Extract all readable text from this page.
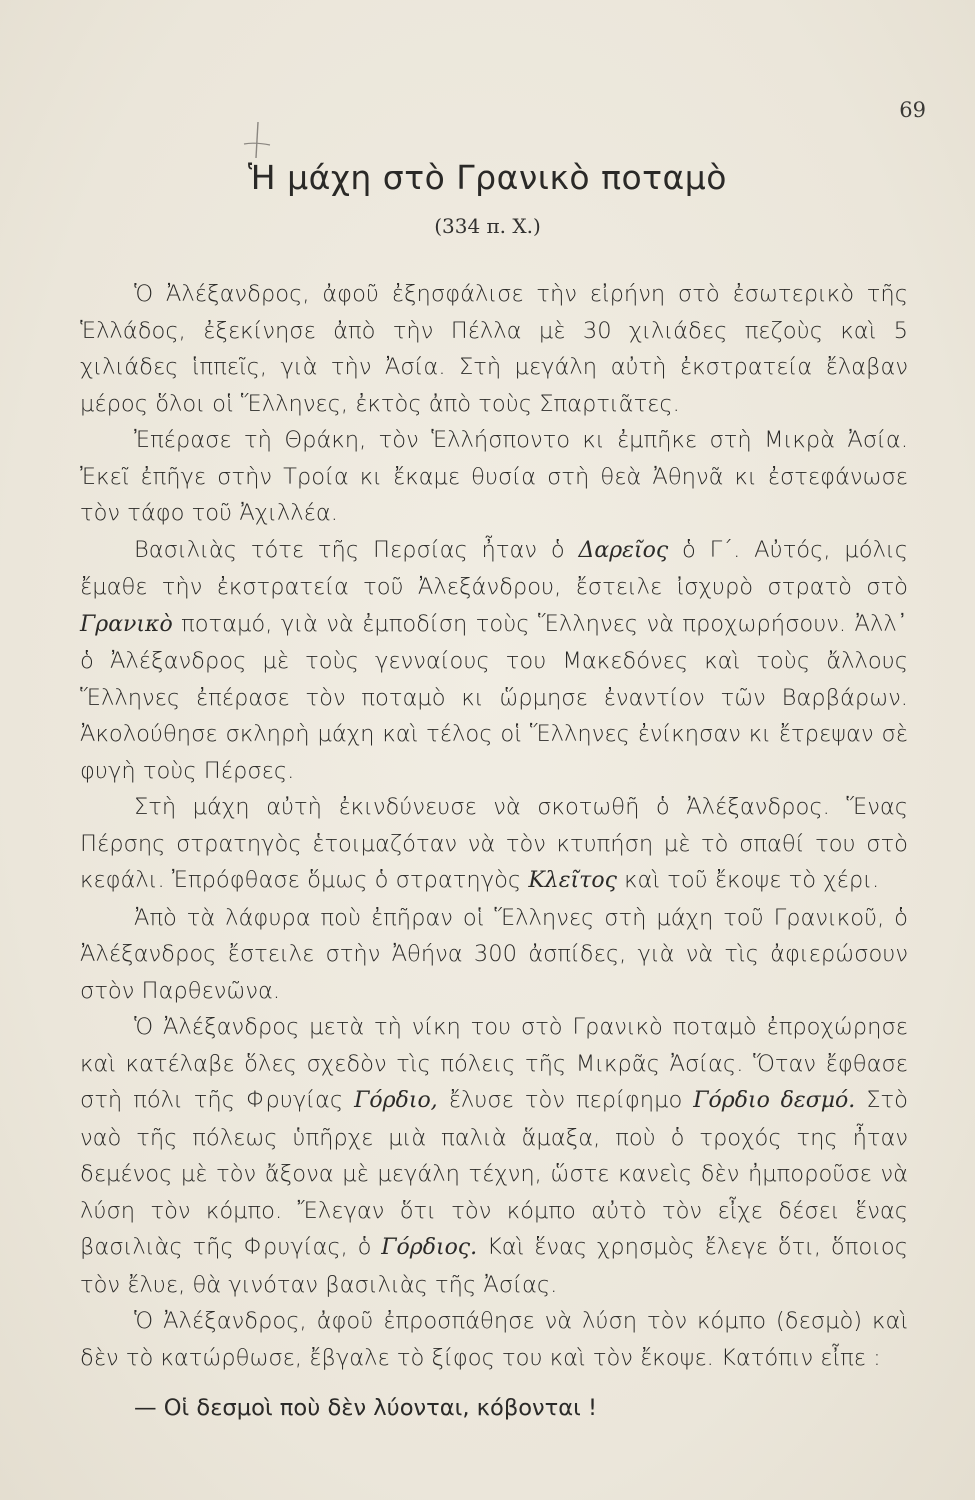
69
Ἡ μάχη στὸ Γρανικὸ ποταμὸ
(334 π. Χ.)

Ὁ Ἀλέξανδρος, ἀφοῦ ἐξησφάλισε τὴν εἰρήνη στὸ ἐσωτερικὸ τῆς Ἑλλάδος, ἐξεκίνησε ἀπὸ τὴν Πέλλα μὲ 30 χιλιάδες πεζοὺς καὶ 5 χιλιάδες ἱππεῖς, γιὰ τὴν Ἀσία. Στὴ μεγάλη αὐτὴ ἐκστρατεία ἔλαβαν μέρος ὅλοι οἱ Ἕλληνες, ἐκτὸς ἀπὸ τοὺς Σπαρτιᾶτες.

Ἐπέρασε τὴ Θράκη, τὸν Ἑλλήσποντο κι ἐμπῆκε στὴ Μικρὰ Ἀσία. Ἐκεῖ ἐπῆγε στὴν Τροία κι ἔκαμε θυσία στὴ θεὰ Ἀθηνᾶ κι ἐστεφάνωσε τὸν τάφο τοῦ Ἀχιλλέα.

Βασιλιὰς τότε τῆς Περσίας ἦταν ὁ Δαρεῖος ὁ Γ΄. Αὐτός, μόλις ἔμαθε τὴν ἐκστρατεία τοῦ Ἀλεξάνδρου, ἔστειλε ἰσχυρὸ στρατὸ στὸ Γρανικὸ ποταμό, γιὰ νὰ ἐμποδίση τοὺς Ἕλληνες νὰ προχωρήσουν. Ἀλλ᾽ ὁ Ἀλέξανδρος μὲ τοὺς γενναίους του Μακεδόνες καὶ τοὺς ἄλλους Ἕλληνες ἐπέρασε τὸν ποταμὸ κι ὥρμησε ἐναντίον τῶν Βαρβάρων. Ἀκολούθησε σκληρὴ μάχη καὶ τέλος οἱ Ἕλληνες ἐνίκησαν κι ἔτρεψαν σὲ φυγὴ τοὺς Πέρσες.

Στὴ μάχη αὐτὴ ἐκινδύνευσε νὰ σκοτωθῆ ὁ Ἀλέξανδρος. Ἕνας Πέρσης στρατηγὸς ἑτοιμαζόταν νὰ τὸν κτυπήση μὲ τὸ σπαθί του στὸ κεφάλι. Ἐπρόφθασε ὅμως ὁ στρατηγὸς Κλεῖτος καὶ τοῦ ἔκοψε τὸ χέρι.

Ἀπὸ τὰ λάφυρα ποὺ ἐπῆραν οἱ Ἕλληνες στὴ μάχη τοῦ Γρανικοῦ, ὁ Ἀλέξανδρος ἔστειλε στὴν Ἀθήνα 300 ἀσπίδες, γιὰ νὰ τὶς ἀφιερώσουν στὸν Παρθενῶνα.

Ὁ Ἀλέξανδρος μετὰ τὴ νίκη του στὸ Γρανικὸ ποταμὸ ἐπροχώρησε καὶ κατέλαβε ὅλες σχεδὸν τὶς πόλεις τῆς Μικρᾶς Ἀσίας. Ὅταν ἔφθασε στὴ πόλι τῆς Φρυγίας Γόρδιο, ἔλυσε τὸν περίφημο Γόρδιο δεσμό. Στὸ ναὸ τῆς πόλεως ὑπῆρχε μιὰ παλιὰ ἅμαξα, ποὺ ὁ τροχός της ἦταν δεμένος μὲ τὸν ἄξονα μὲ μεγάλη τέχνη, ὥστε κανεὶς δὲν ἠμποροῦσε νὰ λύση τὸν κόμπο. Ἔλεγαν ὅτι τὸν κόμπο αὐτὸ τὸν εἶχε δέσει ἕνας βασιλιὰς τῆς Φρυγίας, ὁ Γόρδιος. Καὶ ἕνας χρησμὸς ἔλεγε ὅτι, ὅποιος τὸν ἔλυε, θὰ γινόταν βασιλιὰς τῆς Ἀσίας.

Ὁ Ἀλέξανδρος, ἀφοῦ ἐπροσπάθησε νὰ λύση τὸν κόμπο (δεσμὸ) καὶ δὲν τὸ κατώρθωσε, ἔβγαλε τὸ ξίφος του καὶ τὸν ἔκοψε. Κατόπιν εἶπε :

— Οἱ δεσμοὶ ποὺ δὲν λύονται, κόβονται !
